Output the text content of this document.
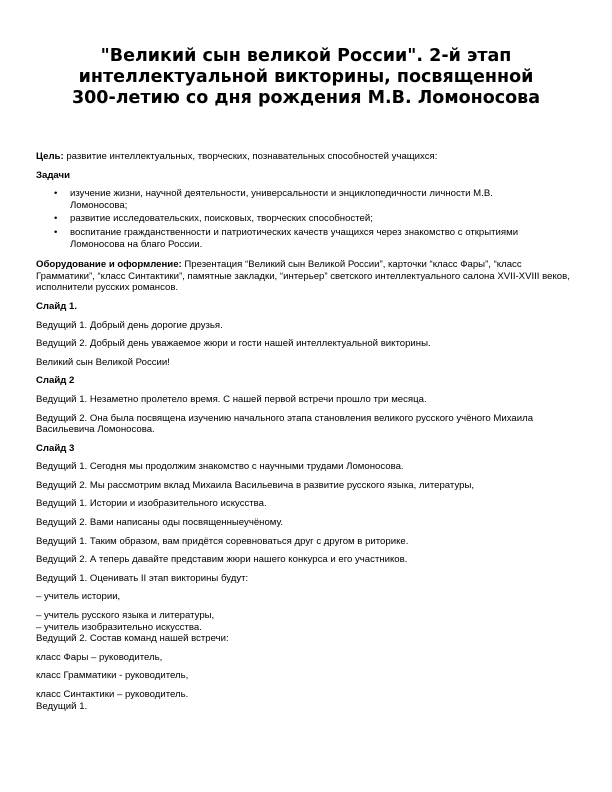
"Великий сын великой России". 2-й этап интеллектуальной викторины, посвященной 300-летию со дня рождения М.В. Ломоносова

Цель: развитие интеллектуальных, творческих, познавательных способностей учащихся:

Задачи

• изучение жизни, научной деятельности, универсальности и энциклопедичности личности М.В. Ломоносова;
• развитие исследовательских, поисковых, творческих способностей;
• воспитание гражданственности и патриотических качеств учащихся через знакомство с открытиями Ломоносова на благо России.

Оборудование и оформление: Презентация “Великий сын Великой России”, карточки “класс Фары”, “класс Грамматики”, “класс Синтактики”, памятные закладки, “интерьер” светского интеллектуального салона XVII-XVIII веков, исполнители русских романсов.

Слайд 1.

Ведущий 1. Добрый день дорогие друзья.

Ведущий 2. Добрый день уважаемое жюри и гости нашей интеллектуальной викторины.

Великий сын Великой России!

Слайд 2

Ведущий 1. Незаметно пролетело время. С нашей первой встречи прошло три месяца.

Ведущий 2. Она была посвящена изучению начального этапа становления великого русского учёного Михаила Васильевича Ломоносова.

Слайд 3

Ведущий 1. Сегодня мы продолжим знакомство с научными трудами Ломоносова.

Ведущий 2. Мы рассмотрим вклад Михаила Васильевича в развитие русского языка, литературы,

Ведущий 1. Истории и изобразительного искусства.

Ведущий 2. Вами написаны оды посвященныеучёному.

Ведущий 1. Таким образом, вам придётся соревноваться друг с другом в риторике.

Ведущий 2. А теперь давайте представим жюри нашего конкурса и его участников.

Ведущий 1. Оценивать II этап викторины будут:

– учитель истории,

– учитель русского языка и литературы,

– учитель изобразительно искусства.

Ведущий 2. Состав команд нашей встречи:

класс Фары – руководитель,

класс Грамматики - руководитель,

класс Синтактики – руководитель.

Ведущий 1.
